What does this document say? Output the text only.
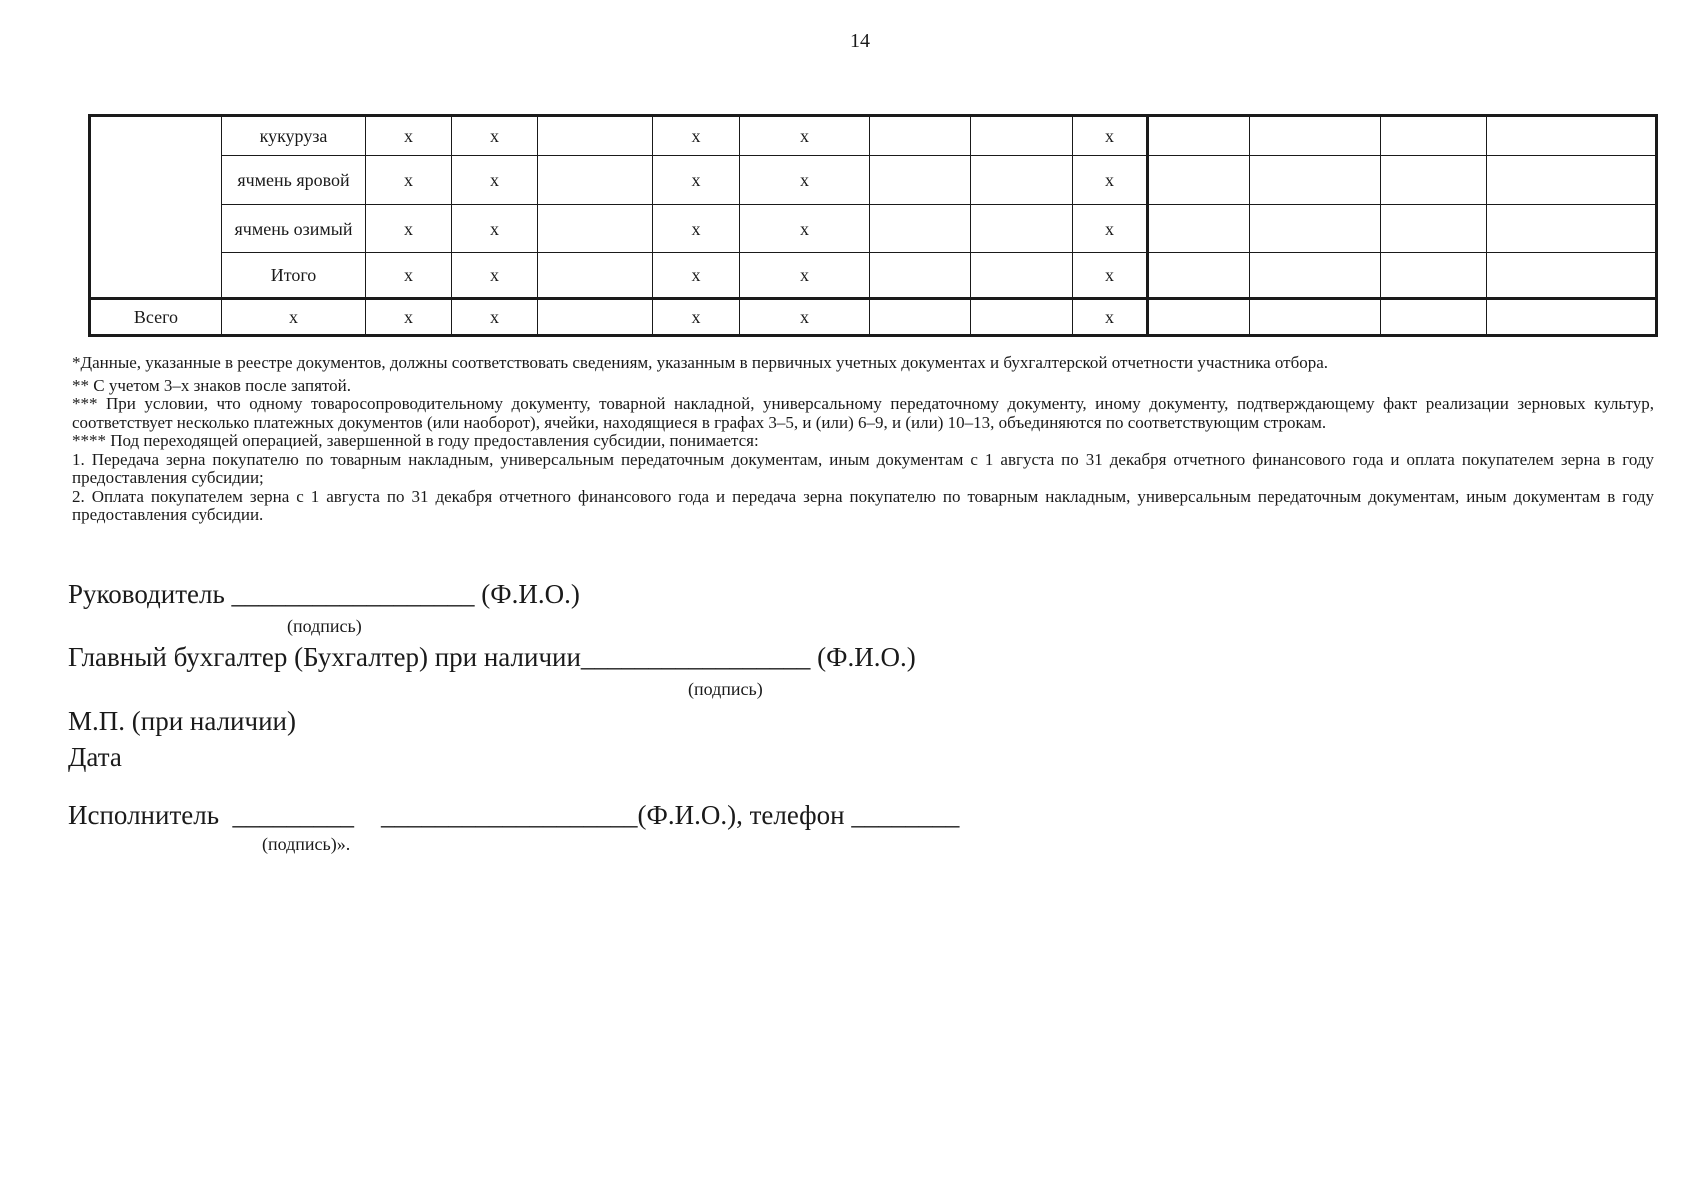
14
	кукуруза	х	х		х	х			х				
	ячмень яровой	х	х		х	х			х				
	ячмень озимый	х	х		х	х			х				
	Итого	х	х		х	х			х				
Всего	х	х	х		х	х			х				

*Данные, указанные в реестре документов, должны соответствовать сведениям, указанным в первичных учетных документах и бухгалтерской отчетности участника отбора.

** С учетом 3–х знаков после запятой.

*** При условии, что одному товаросопроводительному документу, товарной накладной, универсальному передаточному документу, иному документу, подтверждающему факт реализации зерновых культур, соответствует несколько платежных документов (или наоборот), ячейки, находящиеся в графах 3–5, и (или) 6–9, и (или) 10–13, объединяются по соответствующим строкам.

**** Под переходящей операцией, завершенной в году предоставления субсидии, понимается:

1. Передача зерна покупателю по товарным накладным, универсальным передаточным документам, иным документам с 1 августа по 31 декабря отчетного финансового года и оплата покупателем зерна в году предоставления субсидии;

2. Оплата покупателем зерна с 1 августа по 31 декабря отчетного финансового года и передача зерна покупателю по товарным накладным, универсальным передаточным документам, иным документам в году предоставления субсидии.

Руководитель __________________ (Ф.И.О.)
(подпись)
Главный бухгалтер (Бухгалтер) при наличии_________________ (Ф.И.О.)
(подпись)
М.П. (при наличии)
Дата
Исполнитель  _________    ___________________(Ф.И.О.), телефон ________
(подпись)».
